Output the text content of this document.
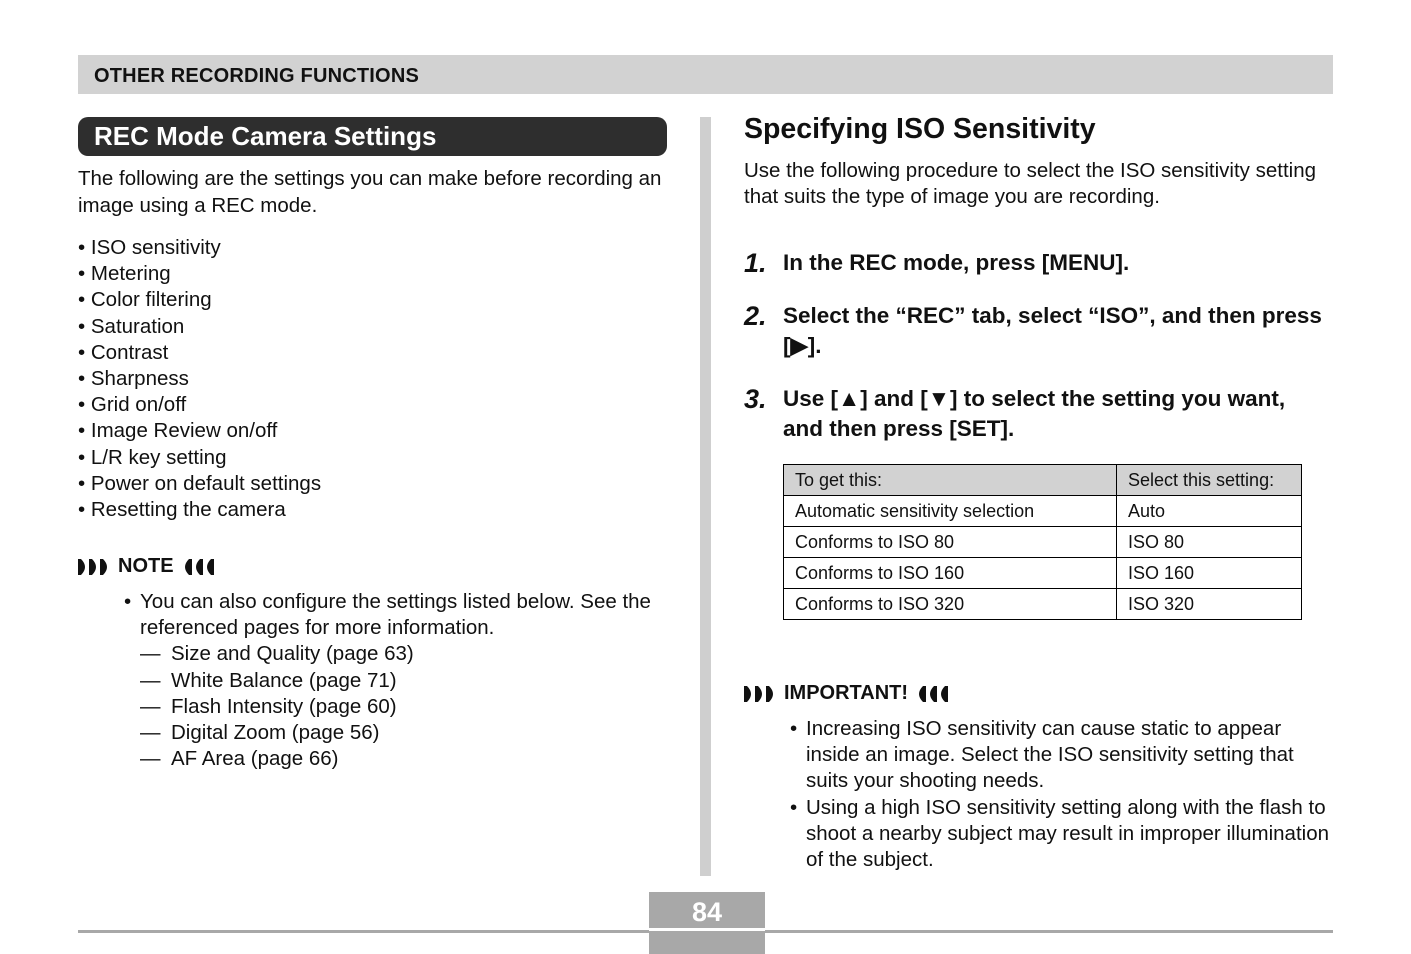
OTHER RECORDING FUNCTIONS
REC Mode Camera Settings
The following are the settings you can make before recording an image using a REC mode.
• ISO sensitivity
• Metering
• Color filtering
• Saturation
• Contrast
• Sharpness
• Grid on/off
• Image Review on/off
• L/R key setting
• Power on default settings
• Resetting the camera
NOTE
• You can also configure the settings listed below. See the referenced pages for more information.
— Size and Quality (page 63)
— White Balance (page 71)
— Flash Intensity (page 60)
— Digital Zoom (page 56)
— AF Area (page 66)
Specifying ISO Sensitivity
Use the following procedure to select the ISO sensitivity setting that suits the type of image you are recording.
1. In the REC mode, press [MENU].
2. Select the “REC” tab, select “ISO”, and then press [▶].
3. Use [▲] and [▼] to select the setting you want, and then press [SET].
To get this:	Select this setting:
Automatic sensitivity selection	Auto
Conforms to ISO 80	ISO 80
Conforms to ISO 160	ISO 160
Conforms to ISO 320	ISO 320
IMPORTANT!
• Increasing ISO sensitivity can cause static to appear inside an image. Select the ISO sensitivity setting that suits your shooting needs.
• Using a high ISO sensitivity setting along with the flash to shoot a nearby subject may result in improper illumination of the subject.
84
